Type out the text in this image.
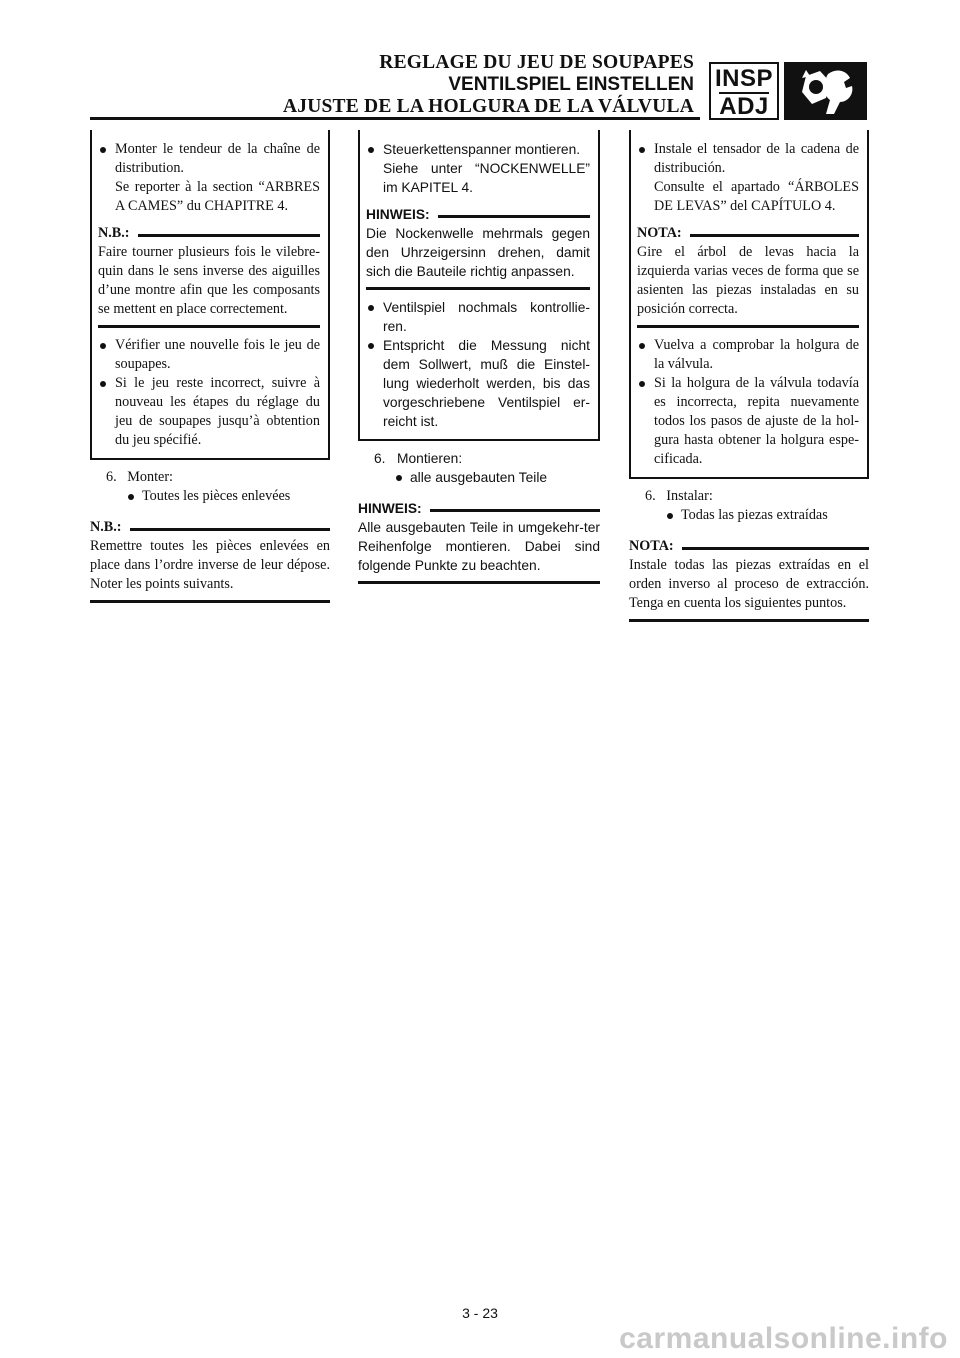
REGLAGE DU JEU DE SOUPAPES
VENTILSPIEL EINSTELLEN
AJUSTE DE LA HOLGURA DE LA VÁLVULA
INSP
ADJ
Monter le tendeur de la chaîne de distribution.
Se reporter à la section “ARBRES A CAMES” du CHAPITRE 4.
N.B.:
Faire tourner plusieurs fois le vilebre-quin dans le sens inverse des aiguilles d’une montre afin que les composants se mettent en place correctement.
Vérifier une nouvelle fois le jeu de soupapes.
Si le jeu reste incorrect, suivre à nouveau les étapes du réglage du jeu de soupapes jusqu’à obtention du jeu spécifié.
6.   Monter:
Toutes les pièces enlevées
N.B.:
Remettre toutes les pièces enlevées en place dans l’ordre inverse de leur dépose. Noter les points suivants.
Steuerkettenspanner montieren.
Siehe unter “NOCKENWELLE” im KAPITEL 4.
HINWEIS:
Die Nockenwelle mehrmals gegen den Uhrzeigersinn drehen, damit sich die Bauteile richtig anpassen.
Ventilspiel nochmals kontrollie-ren.
Entspricht die Messung nicht dem Sollwert, muß die Einstel-lung wiederholt werden, bis das vorgeschriebene Ventilspiel er-reicht ist.
6.   Montieren:
alle ausgebauten Teile
HINWEIS:
Alle ausgebauten Teile in umgekehr-ter Reihenfolge montieren. Dabei sind folgende Punkte zu beachten.
Instale el tensador de la cadena de distribución.
Consulte el apartado “ÁRBOLES DE LEVAS” del CAPÍTULO 4.
NOTA:
Gire el árbol de levas hacia la izquierda varias veces de forma que se asienten las piezas instaladas en su posición correcta.
Vuelva a comprobar la holgura de la válvula.
Si la holgura de la válvula todavía es incorrecta, repita nuevamente todos los pasos de ajuste de la hol-gura hasta obtener la holgura espe-cificada.
6.   Instalar:
Todas las piezas extraídas
NOTA:
Instale todas las piezas extraídas en el orden inverso al proceso de extracción. Tenga en cuenta los siguientes puntos.
3 - 23
carmanualsonline.info
